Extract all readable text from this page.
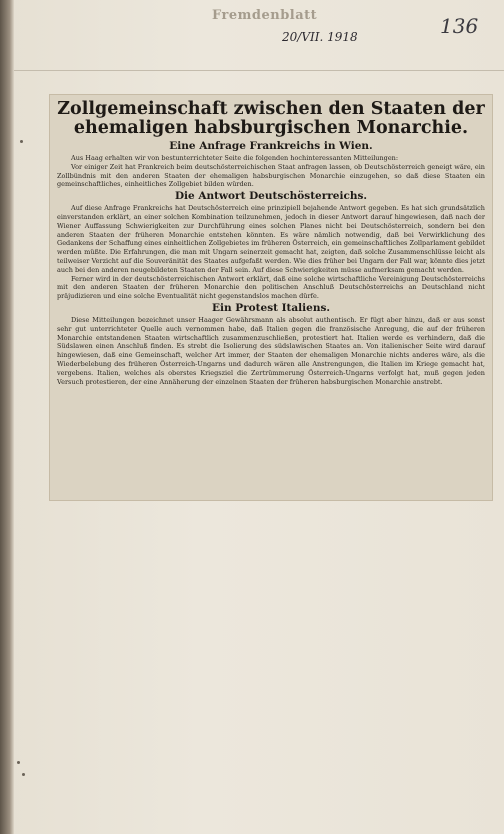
Fremdenblatt
20/VII. 1918	136
Zollgemeinschaft zwischen den Staaten der ehemaligen habsburgischen Monarchie.
Eine Anfrage Frankreichs in Wien.

Aus Haag erhalten wir von bestunterrichteter Seite die folgenden hochinteressanten Mitteilungen:

Vor einiger Zeit hat Frankreich beim deutschösterreichischen Staat anfragen lassen, ob Deutschösterreich geneigt wäre, ein Zollbündnis mit den anderen Staaten der ehemaligen habsburgischen Monarchie einzugehen, so daß diese Staaten ein gemeinschaftliches, einheitliches Zollgebiet bilden würden.

Die Antwort Deutschösterreichs.

Auf diese Anfrage Frankreichs hat Deutschösterreich eine prinzipiell bejahende Antwort gegeben. Es hat sich grundsätzlich einverstanden erklärt, an einer solchen Kombination teilzunehmen, jedoch in dieser Antwort darauf hingewiesen, daß nach der Wiener Auffassung Schwierigkeiten zur Durchführung eines solchen Planes nicht bei Deutschösterreich, sondern bei den anderen Staaten der früheren Monarchie entstehen könnten. Es wäre nämlich notwendig, daß bei Verwirklichung des Gedankens der Schaffung eines einheitlichen Zollgebietes im früheren Österreich, ein gemeinschaftliches Zollparlament gebildet werden müßte. Die Erfahrungen, die man mit Ungarn seinerzeit gemacht hat, zeigten, daß solche Zusammenschlüsse leicht als teilweiser Verzicht auf die Souveränität des Staates aufgefaßt werden. Wie dies früher bei Ungarn der Fall war, könnte dies jetzt auch bei den anderen neugebildeten Staaten der Fall sein. Auf diese Schwierigkeiten müsse aufmerksam gemacht werden.

Ferner wird in der deutschösterreichischen Antwort erklärt, daß eine solche wirtschaftliche Vereinigung Deutschösterreichs mit den anderen Staaten der früheren Monarchie den politischen Anschluß Deutschösterreichs an Deutschland nicht präjudizieren und eine solche Eventualität nicht gegenstandslos machen dürfe.

Ein Protest Italiens.

Diese Mitteilungen bezeichnet unser Haager Gewährsmann als absolut authentisch. Er fügt aber hinzu, daß er aus sonst sehr gut unterrichteter Quelle auch vernommen habe, daß Italien gegen die französische Anregung, die auf der früheren Monarchie entstandenen Staaten wirtschaftlich zusammenzuschließen, protestiert hat. Italien werde es verhindern, daß die Südslawen einen Anschluß finden. Es strebt die Isolierung des südslawischen Staates an. Von italienischer Seite wird darauf hingewiesen, daß eine Gemeinschaft, welcher Art immer, der Staaten der ehemaligen Monarchie nichts anderes wäre, als die Wiederbelebung des früheren Österreich-Ungarns und dadurch wären alle Anstrengungen, die Italien im Kriege gemacht hat, vergebens. Italien, welches als oberstes Kriegsziel die Zertrümmerung Österreich-Ungarns verfolgt hat, muß gegen jeden Versuch protestieren, der eine Annäherung der einzelnen Staaten der früheren habsburgischen Monarchie anstrebt.
